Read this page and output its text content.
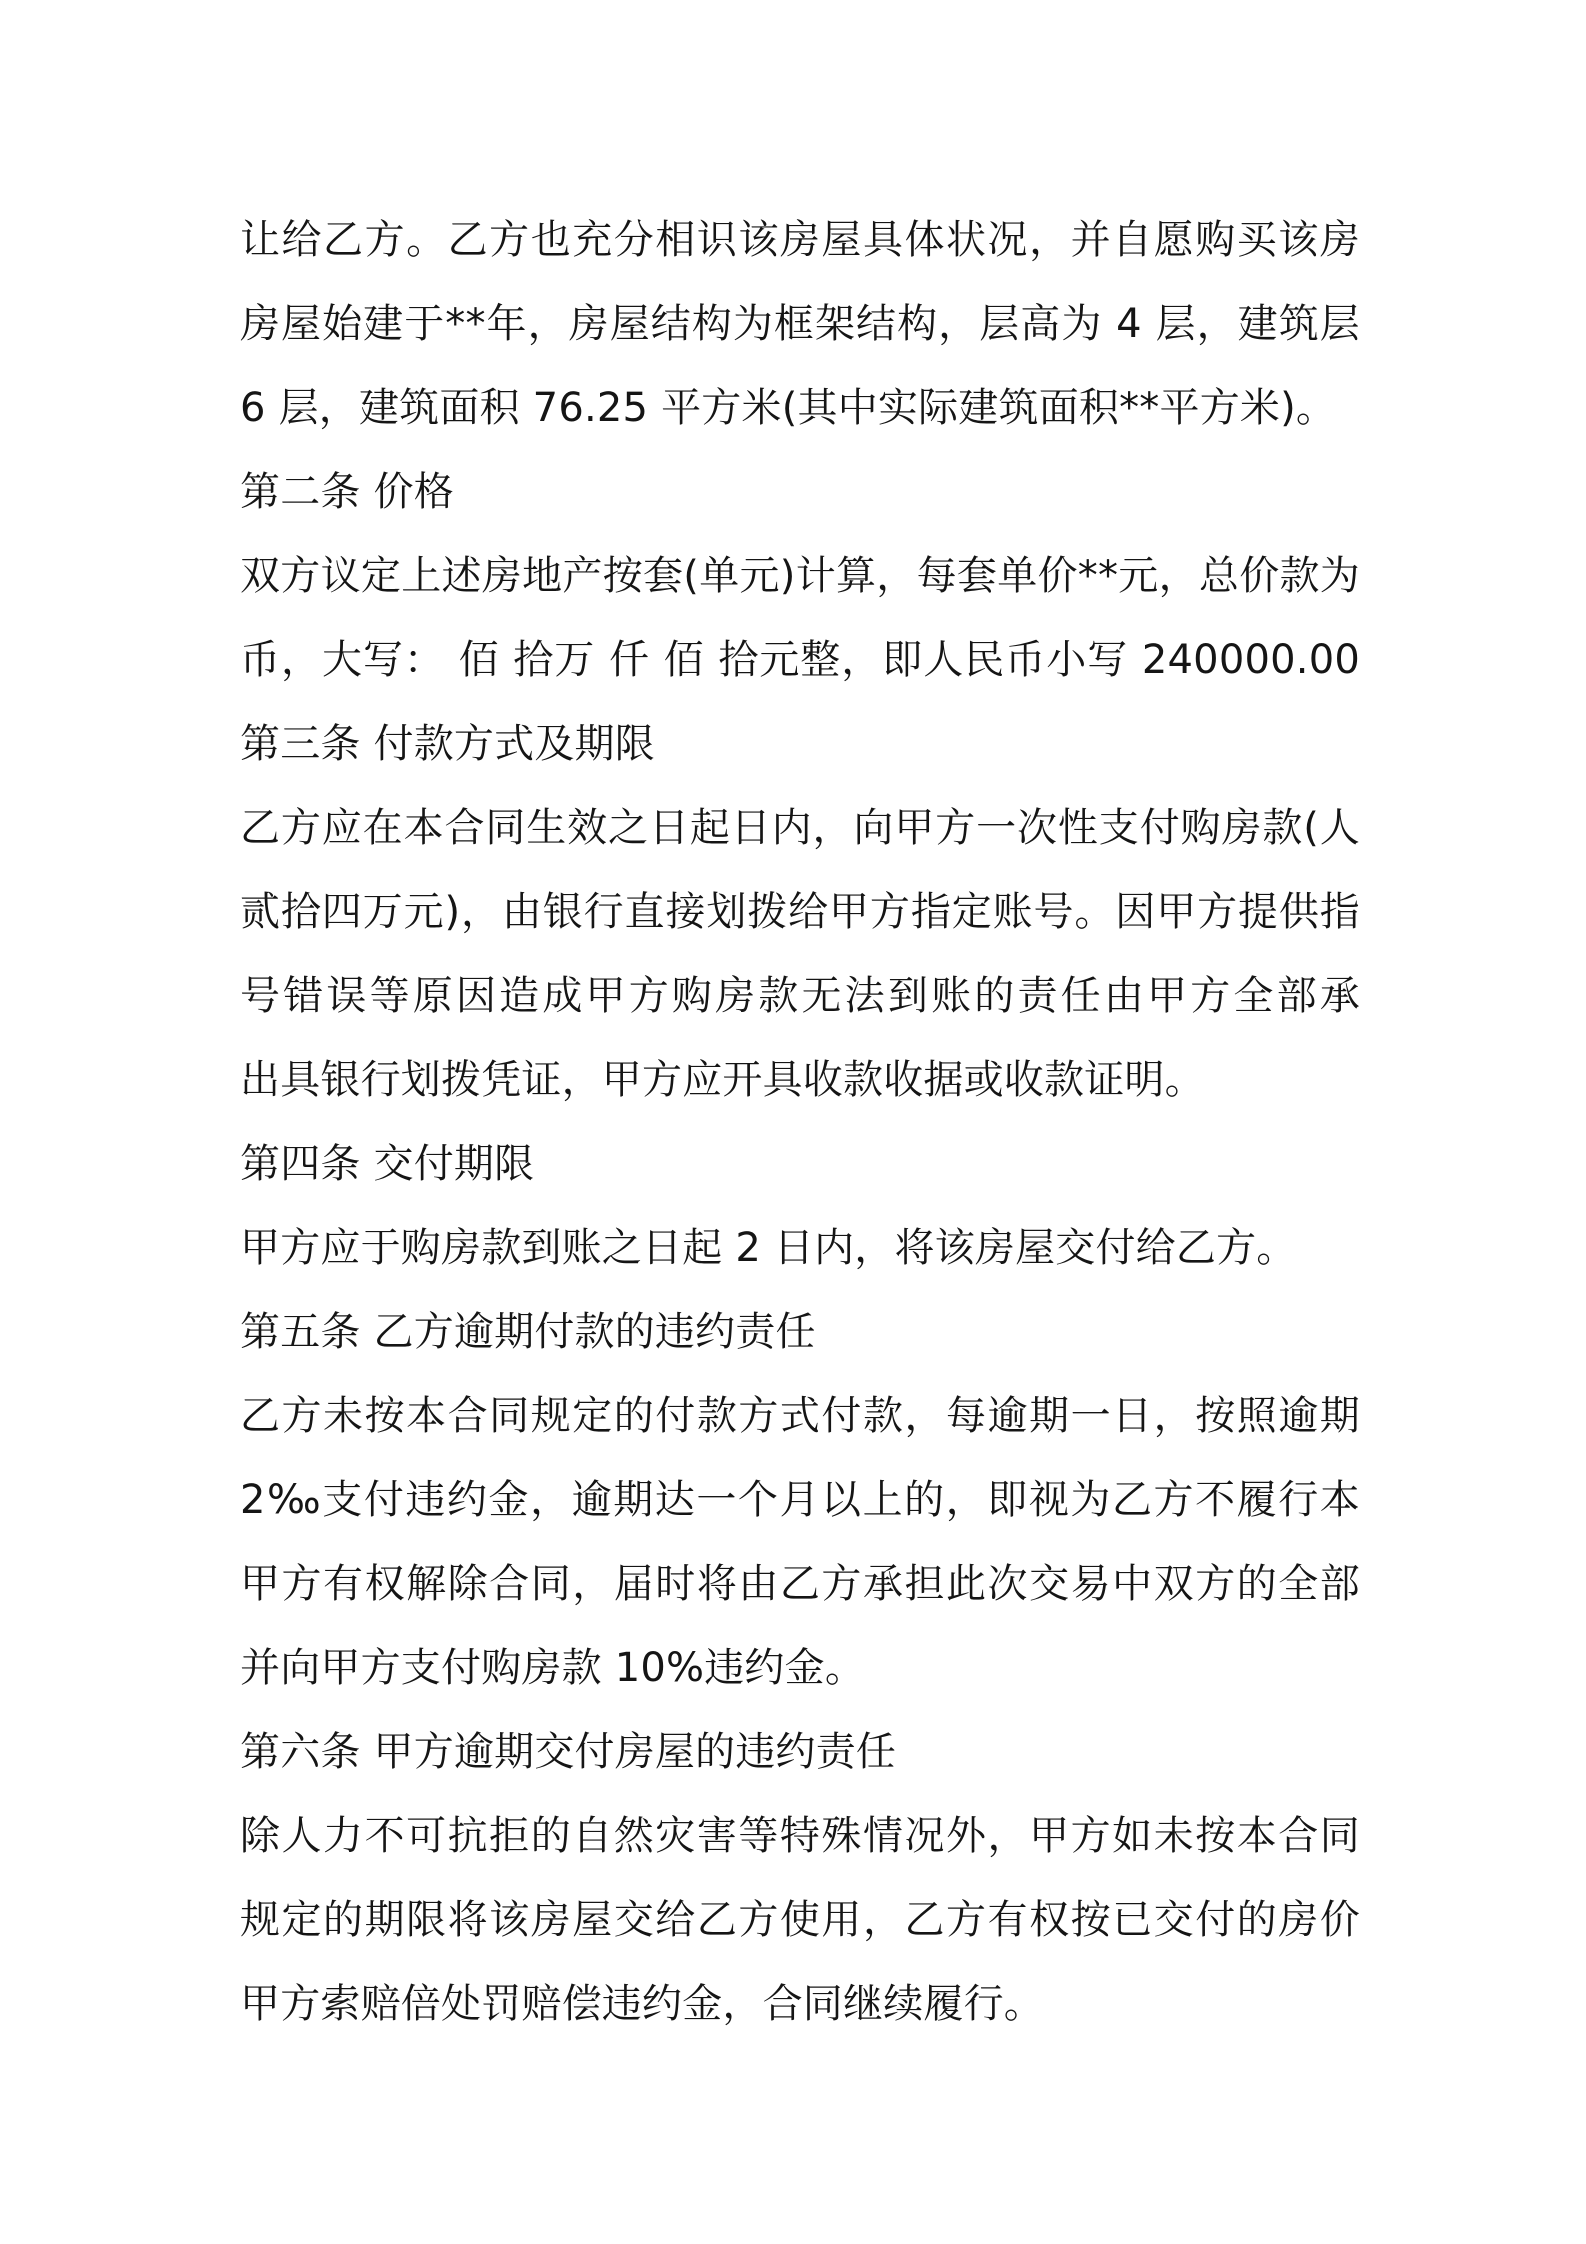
让给乙方。乙方也充分相识该房屋具体状况，并自愿购买该房
房屋始建于**年，房屋结构为框架结构，层高为 4 层，建筑层
6 层，建筑面积 76.25 平方米(其中实际建筑面积**平方米)。
第二条 价格
双方议定上述房地产按套(单元)计算，每套单价**元，总价款为
币，大写： 佰 拾万 仟 佰 拾元整，即人民币小写 240000.00
第三条 付款方式及期限
乙方应在本合同生效之日起日内，向甲方一次性支付购房款(人
贰拾四万元)，由银行直接划拨给甲方指定账号。因甲方提供指
号错误等原因造成甲方购房款无法到账的责任由甲方全部承
出具银行划拨凭证，甲方应开具收款收据或收款证明。
第四条 交付期限
甲方应于购房款到账之日起 2 日内，将该房屋交付给乙方。
第五条 乙方逾期付款的违约责任
乙方未按本合同规定的付款方式付款，每逾期一日，按照逾期
2‰支付违约金，逾期达一个月以上的，即视为乙方不履行本
甲方有权解除合同，届时将由乙方承担此次交易中双方的全部
并向甲方支付购房款 10%违约金。
第六条 甲方逾期交付房屋的违约责任
除人力不可抗拒的自然灾害等特殊情况外，甲方如未按本合同
规定的期限将该房屋交给乙方使用，乙方有权按已交付的房价
甲方索赔倍处罚赔偿违约金，合同继续履行。
